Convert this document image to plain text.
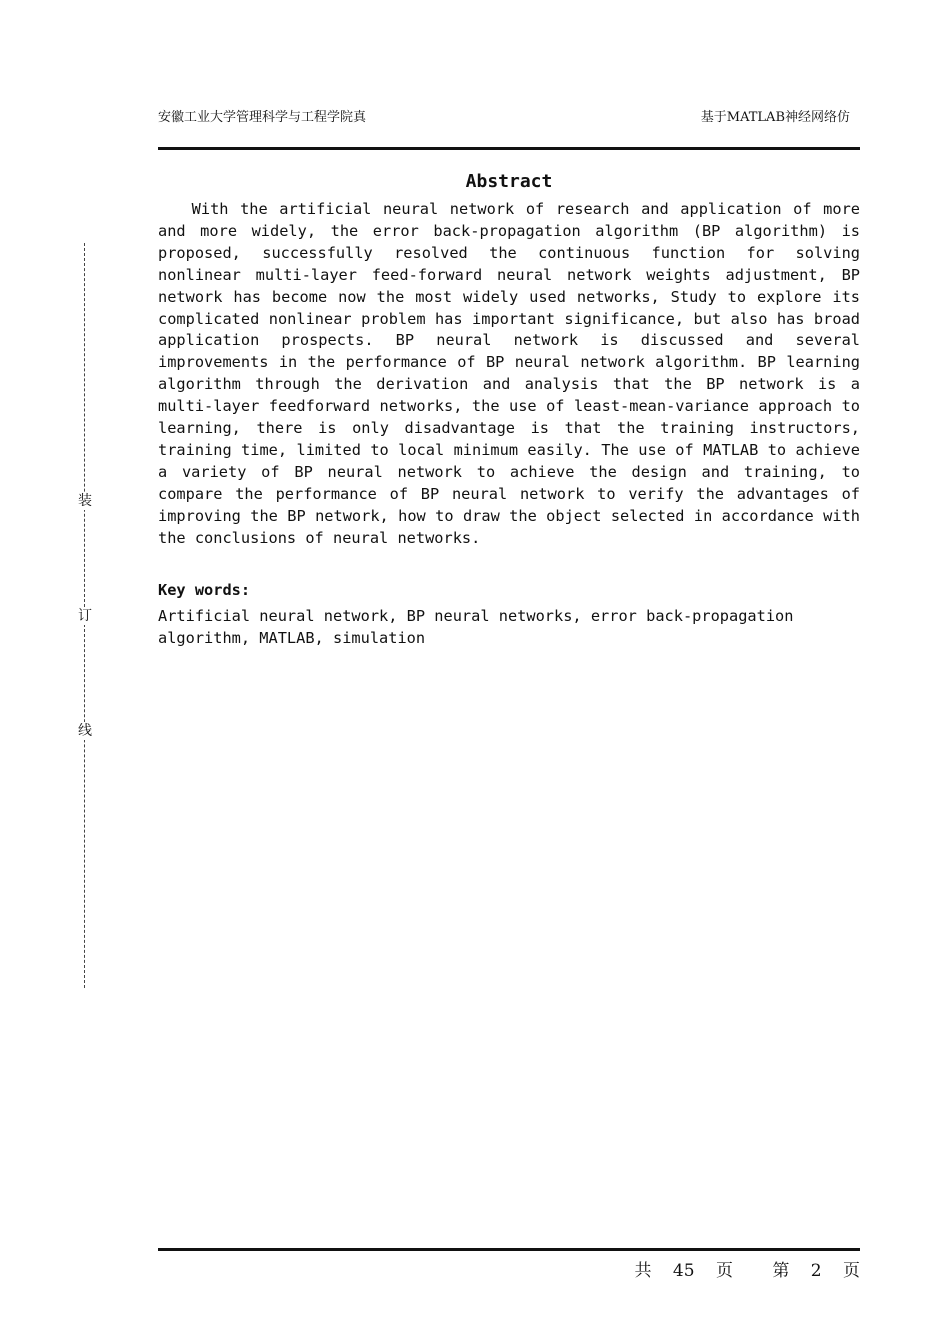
安徽工业大学管理科学与工程学院真	基于MATLAB神经网络仿
装
订
线
Abstract

With the artificial neural network of research and application of more and more widely, the error back-propagation algorithm (BP algorithm) is proposed, successfully resolved the continuous function for solving nonlinear multi-layer feed-forward neural network weights adjustment, BP network has become now the most widely used networks, Study to explore its complicated nonlinear problem has important significance, but also has broad application prospects. BP neural network is discussed and several improvements in the performance of BP neural network algorithm. BP learning algorithm through the derivation and analysis that the BP network is a multi-layer feedforward networks, the use of least-mean-variance approach to learning, there is only disadvantage is that the training instructors, training time, limited to local minimum easily. The use of MATLAB to achieve a variety of BP neural network to achieve the design and training, to compare the performance of BP neural network to verify the advantages of improving the BP network, how to draw the object selected in accordance with the conclusions of neural networks.

Key words:

Artificial neural network, BP neural networks, error back-propagation algorithm, MATLAB, simulation

共 45 页 第 2 页
